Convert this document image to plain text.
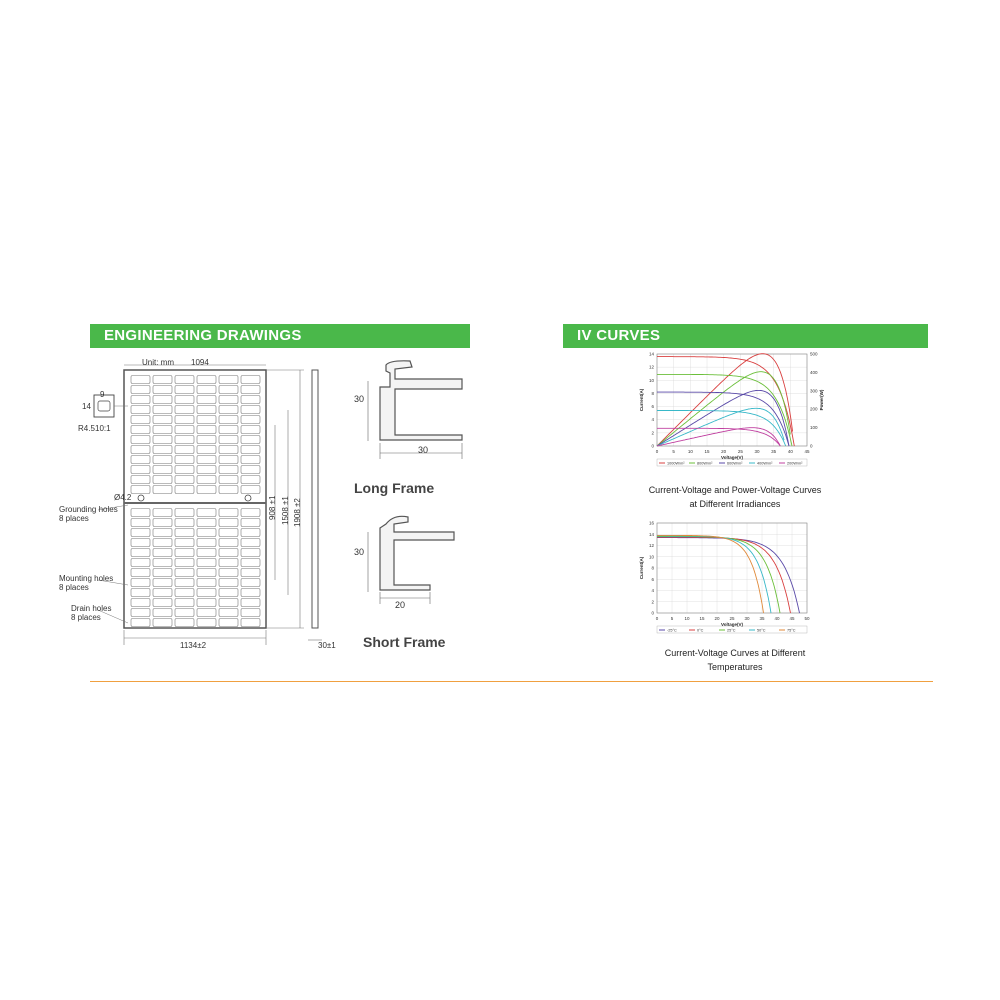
ENGINEERING DRAWINGS	IV CURVES
Unit: mm 1094
1134±2	30±1
Ø4.2	908 ±1 1508 ±1 1908 ±2
14
9
R4.5 10:1
Grounding holes
8 places
Mounting holes
8 places
Drain holes
8 places
30
30
Long Frame
30
20
Short Frame
0	5	10	15	20	25	30	35	40	45
0
2
4
6
8
10
12
14
Voltage(V)
Current(A)
0
100
200
300
400
500
Power(W)
1000W/m²	800W/m²	600W/m²	400W/m²	200W/m²
Current-Voltage and Power-Voltage Curves
at Different Irradiances
0	5 10 15 20 25 30 35 40 45 50
0
2
4
6
8
10
12
14
16
Voltage(V)
Current(A)
-25°C	0°C	25°C	50°C	75°C
Current-Voltage Curves at Different
Temperatures
